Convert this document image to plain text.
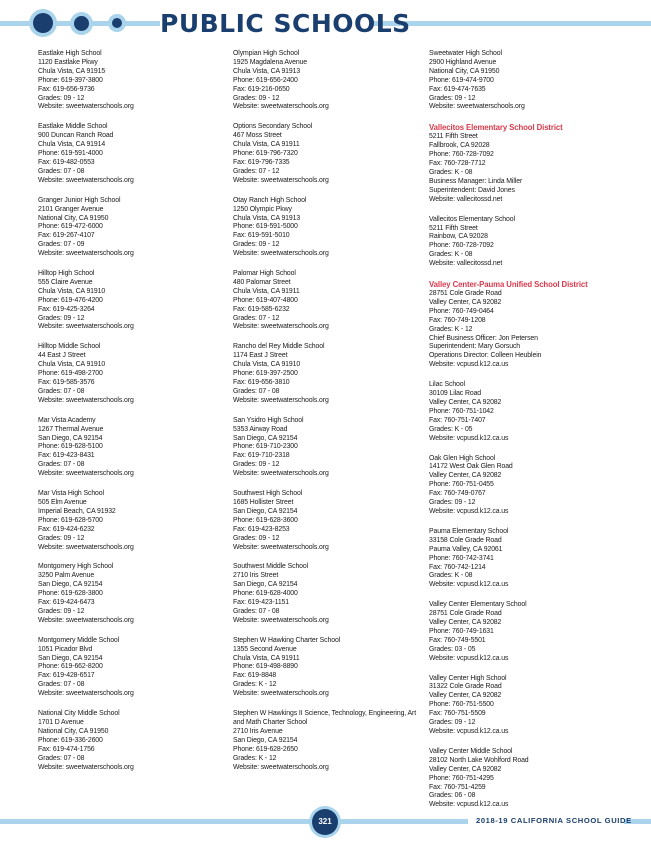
PUBLIC SCHOOLS
Eastlake High School
1120 Eastlake Pkwy
Chula Vista, CA 91915
Phone: 619-397-3800
Fax: 619-656-9736
Grades: 09 - 12
Website: sweetwaterschools.org
Eastlake Middle School
900 Duncan Ranch Road
Chula Vista, CA 91914
Phone: 619-591-4000
Fax: 619-482-0553
Grades: 07 - 08
Website: sweetwaterschools.org
Granger Junior High School
2101 Granger Avenue
National City, CA 91950
Phone: 619-472-6000
Fax: 619-267-4107
Grades: 07 - 09
Website: sweetwaterschools.org
Hilltop High School
555 Claire Avenue
Chula Vista, CA 91910
Phone: 619-476-4200
Fax: 619-425-3264
Grades: 09 - 12
Website: sweetwaterschools.org
Hilltop Middle School
44 East J Street
Chula Vista, CA 91910
Phone: 619-498-2700
Fax: 619-585-3576
Grades: 07 - 08
Website: sweetwaterschools.org
Mar Vista Academy
1267 Thermal Avenue
San Diego, CA 92154
Phone: 619-628-5100
Fax: 619-423-8431
Grades: 07 - 08
Website: sweetwaterschools.org
Mar Vista High School
505 Elm Avenue
Imperial Beach, CA 91932
Phone: 619-628-5700
Fax: 619-424-6232
Grades: 09 - 12
Website: sweetwaterschools.org
Montgomery High School
3250 Palm Avenue
San Diego, CA 92154
Phone: 619-628-3800
Fax: 619-424-6473
Grades: 09 - 12
Website: sweetwaterschools.org
Montgomery Middle School
1051 Picador Blvd
San Diego, CA 92154
Phone: 619-662-8200
Fax: 619-428-6517
Grades: 07 - 08
Website: sweetwaterschools.org
National City Middle School
1701 D Avenue
National City, CA 91950
Phone: 619-336-2600
Fax: 619-474-1756
Grades: 07 - 08
Website: sweetwaterschools.org
Olympian High School
1925 Magdalena Avenue
Chula Vista, CA 91913
Phone: 619-656-2400
Fax: 619-216-0650
Grades: 09 - 12
Website: sweetwaterschools.org
Options Secondary School
467 Moss Street
Chula Vista, CA 91911
Phone: 619-796-7320
Fax: 619-796-7335
Grades: 07 - 12
Website: sweetwaterschools.org
Otay Ranch High School
1250 Olympic Pkwy
Chula Vista, CA 91913
Phone: 619-591-5000
Fax: 619-591-5010
Grades: 09 - 12
Website: sweetwaterschools.org
Palomar High School
480 Palomar Street
Chula Vista, CA 91911
Phone: 619-407-4800
Fax: 619-585-6232
Grades: 07 - 12
Website: sweetwaterschools.org
Rancho del Rey Middle School
1174 East J Street
Chula Vista, CA 91910
Phone: 619-397-2500
Fax: 619-656-3810
Grades: 07 - 08
Website: sweetwaterschools.org
San Ysidro High School
5353 Airway Road
San Diego, CA 92154
Phone: 619-710-2300
Fax: 619-710-2318
Grades: 09 - 12
Website: sweetwaterschools.org
Southwest High School
1685 Hollister Street
San Diego, CA 92154
Phone: 619-628-3600
Fax: 619-423-8253
Grades: 09 - 12
Website: sweetwaterschools.org
Southwest Middle School
2710 Iris Street
San Diego, CA 92154
Phone: 619-628-4000
Fax: 619-423-1151
Grades: 07 - 08
Website: sweetwaterschools.org
Stephen W Hawking Charter School
1355 Second Avenue
Chula Vista, CA 91911
Phone: 619-498-8890
Fax: 619-8848
Grades: K - 12
Website: sweetwaterschools.org
Stephen W Hawkings II Science, Technology, Engineering, Art and Math Charter School
2710 Iris Avenue
San Diego, CA 92154
Phone: 619-628-2650
Grades: K - 12
Website: sweetwaterschools.org
Sweetwater High School
2900 Highland Avenue
National City, CA 91950
Phone: 619-474-9700
Fax: 619-474-7635
Grades: 09 - 12
Website: sweetwaterschools.org
Vallecitos Elementary School District
5211 Fifth Street
Fallbrook, CA 92028
Phone: 760-728-7092
Fax: 760-728-7712
Grades: K - 08
Business Manager: Linda Miller
Superintendent: David Jones
Website: vallecitossd.net
Vallecitos Elementary School
5211 Fifth Street
Rainbow, CA 92028
Phone: 760-728-7092
Grades: K - 08
Website: vallecitossd.net
Valley Center-Pauma Unified School District
28751 Cole Grade Road
Valley Center, CA 92082
Phone: 760-749-0464
Fax: 760-749-1208
Grades: K - 12
Chief Business Officer: Jon Petersen
Superintendent: Mary Gorsuch
Operations Director: Colleen Heublein
Website: vcpusd.k12.ca.us
Lilac School
30109 Lilac Road
Valley Center, CA 92082
Phone: 760-751-1042
Fax: 760-751-7407
Grades: K - 05
Website: vcpusd.k12.ca.us
Oak Glen High School
14172 West Oak Glen Road
Valley Center, CA 92082
Phone: 760-751-0455
Fax: 760-749-0767
Grades: 09 - 12
Website: vcpusd.k12.ca.us
Pauma Elementary School
33158 Cole Grade Road
Pauma Valley, CA 92061
Phone: 760-742-3741
Fax: 760-742-1214
Grades: K - 08
Website: vcpusd.k12.ca.us
Valley Center Elementary School
28751 Cole Grade Road
Valley Center, CA 92082
Phone: 760-749-1631
Fax: 760-749-5501
Grades: 03 - 05
Website: vcpusd.k12.ca.us
Valley Center High School
31322 Cole Grade Road
Valley Center, CA 92082
Phone: 760-751-5500
Fax: 760-751-5509
Grades: 09 - 12
Website: vcpusd.k12.ca.us
Valley Center Middle School
28102 North Lake Wohlford Road
Valley Center, CA 92082
Phone: 760-751-4295
Fax: 760-751-4259
Grades: 06 - 08
Website: vcpusd.k12.ca.us
321	2018-19 CALIFORNIA SCHOOL GUIDE
